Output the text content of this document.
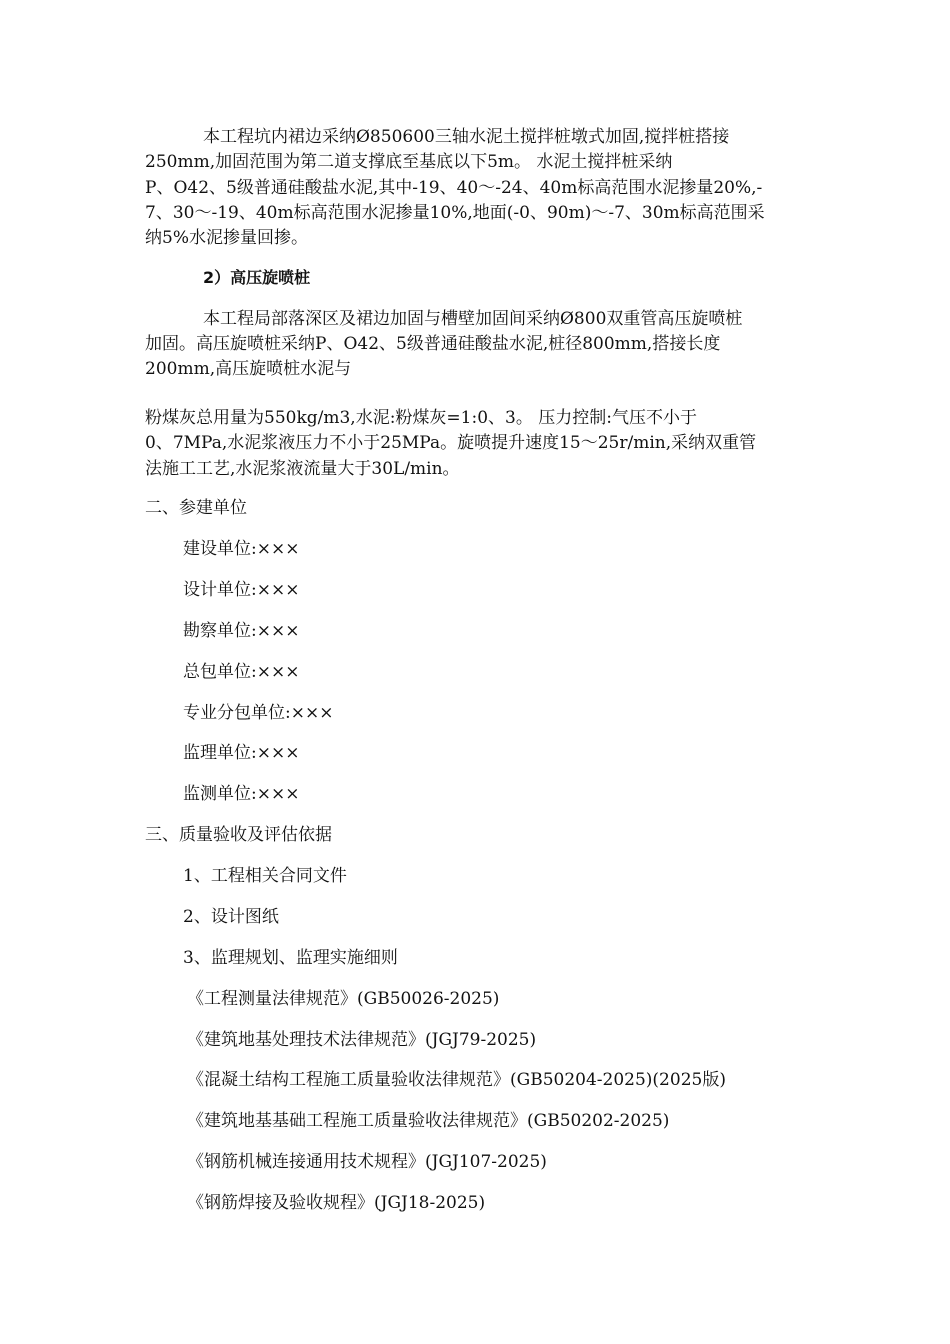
本工程坑内裙边采纳Ø850600三轴水泥土搅拌桩墩式加固,搅拌桩搭接
250mm,加固范围为第二道支撑底至基底以下5m。 水泥土搅拌桩采纳
P、O42、5级普通硅酸盐水泥,其中-19、40～-24、40m标高范围水泥掺量20%,-
7、30～-19、40m标高范围水泥掺量10%,地面(-0、90m)～-7、30m标高范围采
纳5%水泥掺量回掺。
2）高压旋喷桩
本工程局部落深区及裙边加固与槽壁加固间采纳Ø800双重管高压旋喷桩
加固。高压旋喷桩采纳P、O42、5级普通硅酸盐水泥,桩径800mm,搭接长度
200mm,高压旋喷桩水泥与
粉煤灰总用量为550kg/m3,水泥:粉煤灰=1:0、3。 压力控制:气压不小于
0、7MPa,水泥浆液压力不小于25MPa。旋喷提升速度15～25r/min,采纳双重管
法施工工艺,水泥浆液流量大于30L/min。
二、参建单位
建设单位:×××
设计单位:×××
勘察单位:×××
总包单位:×××
专业分包单位:×××
监理单位:×××
监测单位:×××
三、质量验收及评估依据
1、工程相关合同文件
2、设计图纸
3、监理规划、监理实施细则
《工程测量法律规范》(GB50026-2025)
《建筑地基处理技术法律规范》(JGJ79-2025)
《混凝土结构工程施工质量验收法律规范》(GB50204-2025)(2025版)
《建筑地基基础工程施工质量验收法律规范》(GB50202-2025)
《钢筋机械连接通用技术规程》(JGJ107-2025)
《钢筋焊接及验收规程》(JGJ18-2025)
